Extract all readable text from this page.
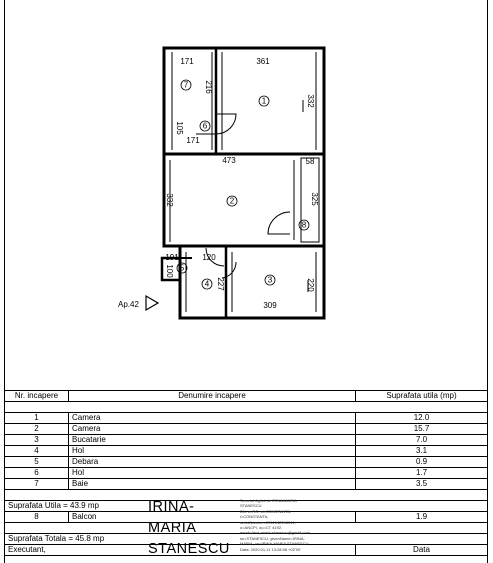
1
2
3
4
5
6
7
8
171	361
216
332
105
171
473	58
332	325
191	120
100
227	220
309
Ap.42
Nr. incapere	Denumire incapere	Suprafata utila (mp)

1	Camera	12.0
2	Camera	15.7
3	Bucatarie	7.0
4	Hol	3.1
5	Debara	0.9
6	Hol	1.7
7	Baie	3.5

Suprafata Utila = 43.9 mp		
8	Balcon	1.9

Suprafata Totala = 45.8 mp		
Executant,		Data
IRINA-
MARIA
STANESCU
Semnat digital de IRINA-MARIA
STANESCU
DN: c=RO, st=CONSTANTA,
l=CONSTANTA,
serialNumber=2011042098512,
o=ANCPI, ou=CT 4192,
email=irina.maria.stanescu@gmail.com,
sn=STANESCU, givenName=IRINA-
MARIA, cn=IRINA-MARIA STANESCU
Data: 2020.01.11 13:28:06 +02'00'
